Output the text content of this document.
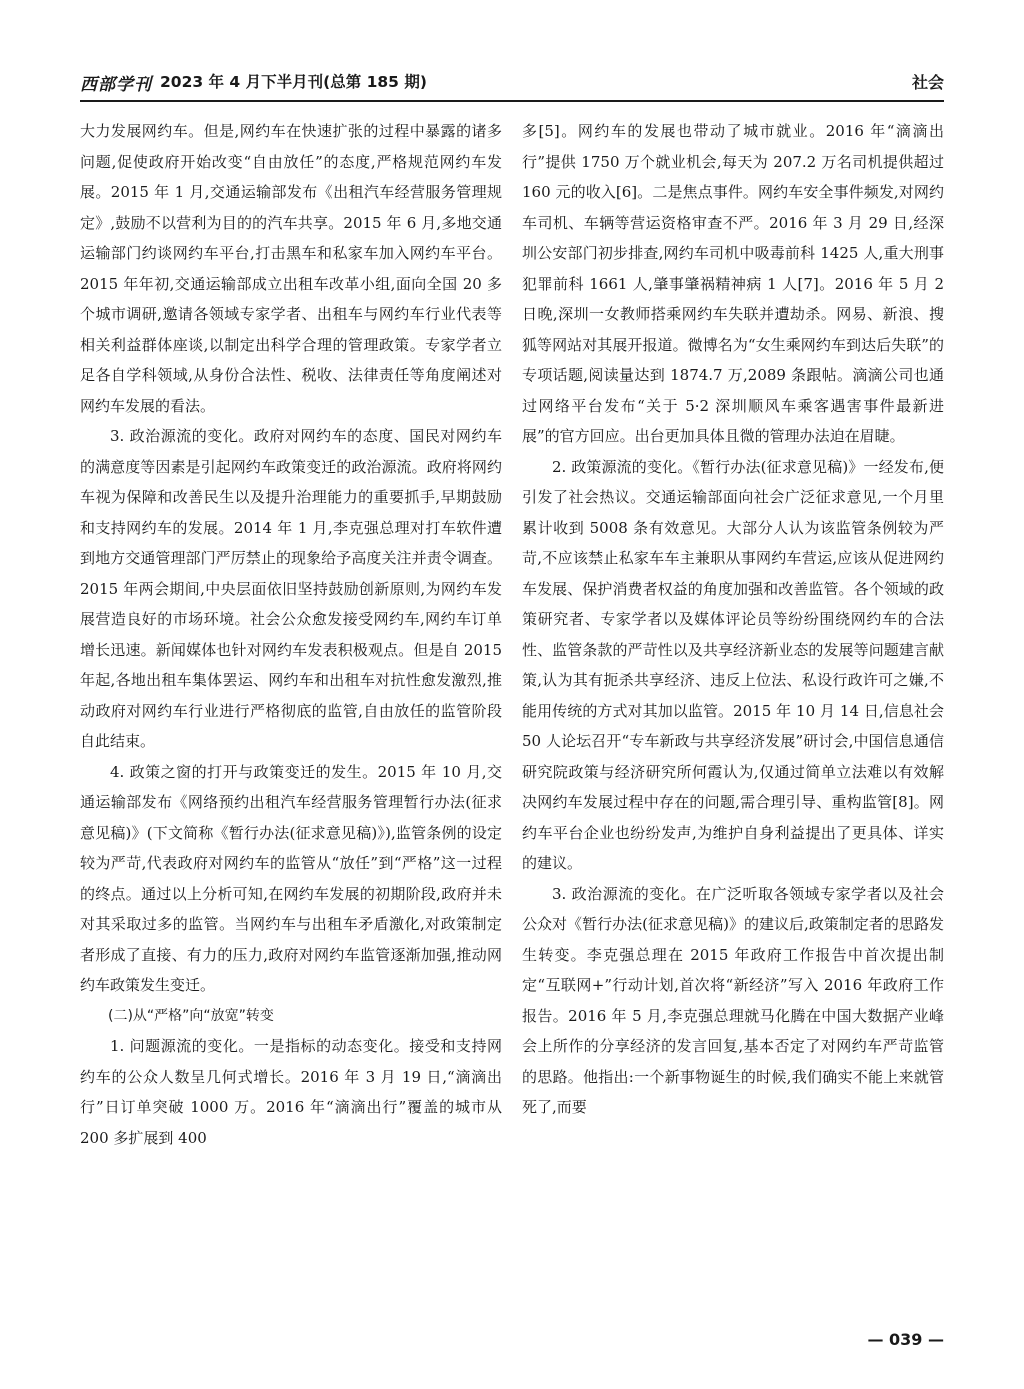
西部学刊 2023 年 4 月下半月刊(总第 185 期)	社会

大力发展网约车。但是,网约车在快速扩张的过程中暴露的诸多问题,促使政府开始改变“自由放任”的态度,严格规范网约车发展。2015 年 1 月,交通运输部发布《出租汽车经营服务管理规定》,鼓励不以营利为目的的汽车共享。2015 年 6 月,多地交通运输部门约谈网约车平台,打击黑车和私家车加入网约车平台。2015 年年初,交通运输部成立出租车改革小组,面向全国 20 多个城市调研,邀请各领域专家学者、出租车与网约车行业代表等相关利益群体座谈,以制定出科学合理的管理政策。专家学者立足各自学科领域,从身份合法性、税收、法律责任等角度阐述对网约车发展的看法。

3. 政治源流的变化。政府对网约车的态度、国民对网约车的满意度等因素是引起网约车政策变迁的政治源流。政府将网约车视为保障和改善民生以及提升治理能力的重要抓手,早期鼓励和支持网约车的发展。2014 年 1 月,李克强总理对打车软件遭到地方交通管理部门严厉禁止的现象给予高度关注并责令调查。2015 年两会期间,中央层面依旧坚持鼓励创新原则,为网约车发展营造良好的市场环境。社会公众愈发接受网约车,网约车订单增长迅速。新闻媒体也针对网约车发表积极观点。但是自 2015 年起,各地出租车集体罢运、网约车和出租车对抗性愈发激烈,推动政府对网约车行业进行严格彻底的监管,自由放任的监管阶段自此结束。

4. 政策之窗的打开与政策变迁的发生。2015 年 10 月,交通运输部发布《网络预约出租汽车经营服务管理暂行办法(征求意见稿)》(下文简称《暂行办法(征求意见稿)》),监管条例的设定较为严苛,代表政府对网约车的监管从“放任”到“严格”这一过程的终点。通过以上分析可知,在网约车发展的初期阶段,政府并未对其采取过多的监管。当网约车与出租车矛盾激化,对政策制定者形成了直接、有力的压力,政府对网约车监管逐渐加强,推动网约车政策发生变迁。

(二)从“严格”向“放宽”转变

1. 问题源流的变化。一是指标的动态变化。接受和支持网约车的公众人数呈几何式增长。2016 年 3 月 19 日,“滴滴出行”日订单突破 1000 万。2016 年“滴滴出行”覆盖的城市从 200 多扩展到 400

多[5]。网约车的发展也带动了城市就业。2016 年“滴滴出行”提供 1750 万个就业机会,每天为 207.2 万名司机提供超过 160 元的收入[6]。二是焦点事件。网约车安全事件频发,对网约车司机、车辆等营运资格审查不严。2016 年 3 月 29 日,经深圳公安部门初步排查,网约车司机中吸毒前科 1425 人,重大刑事犯罪前科 1661 人,肇事肇祸精神病 1 人[7]。2016 年 5 月 2 日晚,深圳一女教师搭乘网约车失联并遭劫杀。网易、新浪、搜狐等网站对其展开报道。微博名为“女生乘网约车到达后失联”的专项话题,阅读量达到 1874.7 万,2089 条跟帖。滴滴公司也通过网络平台发布“关于 5·2 深圳顺风车乘客遇害事件最新进展”的官方回应。出台更加具体且微的管理办法迫在眉睫。

2. 政策源流的变化。《暂行办法(征求意见稿)》一经发布,便引发了社会热议。交通运输部面向社会广泛征求意见,一个月里累计收到 5008 条有效意见。大部分人认为该监管条例较为严苛,不应该禁止私家车车主兼职从事网约车营运,应该从促进网约车发展、保护消费者权益的角度加强和改善监管。各个领域的政策研究者、专家学者以及媒体评论员等纷纷围绕网约车的合法性、监管条款的严苛性以及共享经济新业态的发展等问题建言献策,认为其有扼杀共享经济、违反上位法、私设行政许可之嫌,不能用传统的方式对其加以监管。2015 年 10 月 14 日,信息社会 50 人论坛召开“专车新政与共享经济发展”研讨会,中国信息通信研究院政策与经济研究所何霞认为,仅通过简单立法难以有效解决网约车发展过程中存在的问题,需合理引导、重构监管[8]。网约车平台企业也纷纷发声,为维护自身利益提出了更具体、详实的建议。

3. 政治源流的变化。在广泛听取各领域专家学者以及社会公众对《暂行办法(征求意见稿)》的建议后,政策制定者的思路发生转变。李克强总理在 2015 年政府工作报告中首次提出制定“互联网+”行动计划,首次将“新经济”写入 2016 年政府工作报告。2016 年 5 月,李克强总理就马化腾在中国大数据产业峰会上所作的分享经济的发言回复,基本否定了对网约车严苛监管的思路。他指出:一个新事物诞生的时候,我们确实不能上来就管死了,而要

— 039 —
